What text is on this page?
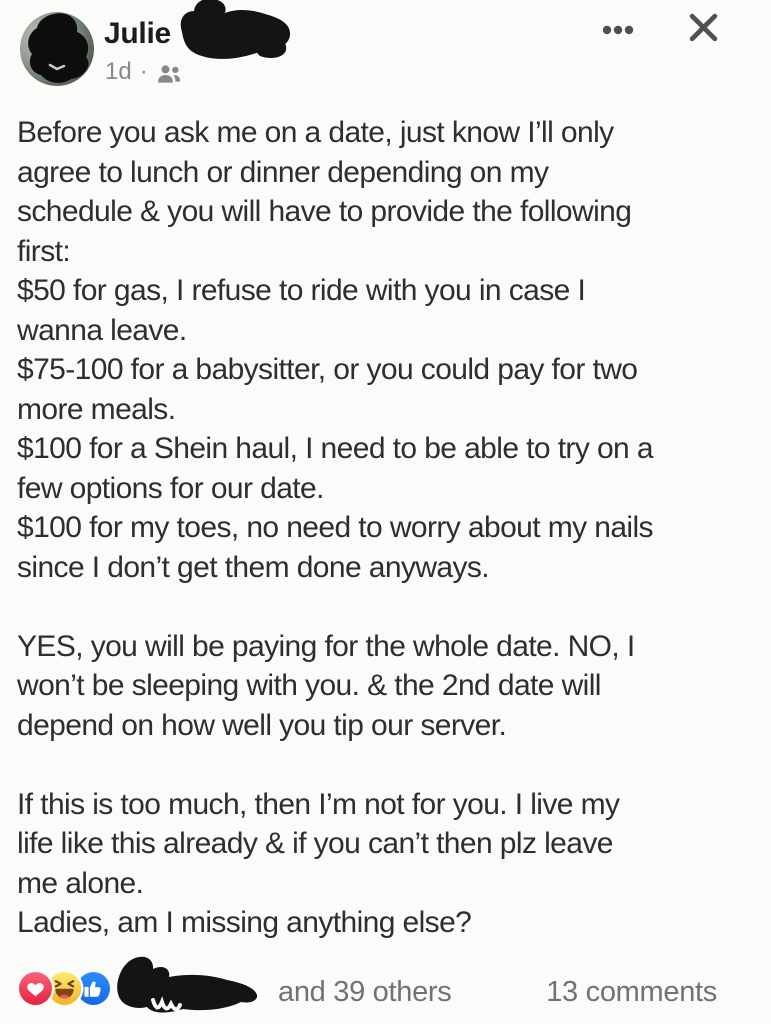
Julie
1d ·
Before you ask me on a date, just know I’ll only
agree to lunch or dinner depending on my
schedule & you will have to provide the following
first:
$50 for gas, I refuse to ride with you in case I
wanna leave.
$75-100 for a babysitter, or you could pay for two
more meals.
$100 for a Shein haul, I need to be able to try on a
few options for our date.
$100 for my toes, no need to worry about my nails
since I don’t get them done anyways.
YES, you will be paying for the whole date. NO, I
won’t be sleeping with you. & the 2nd date will
depend on how well you tip our server.
If this is too much, then I’m not for you. I live my
life like this already & if you can’t then plz leave
me alone.
Ladies, am I missing anything else?
and 39 others	13 comments
